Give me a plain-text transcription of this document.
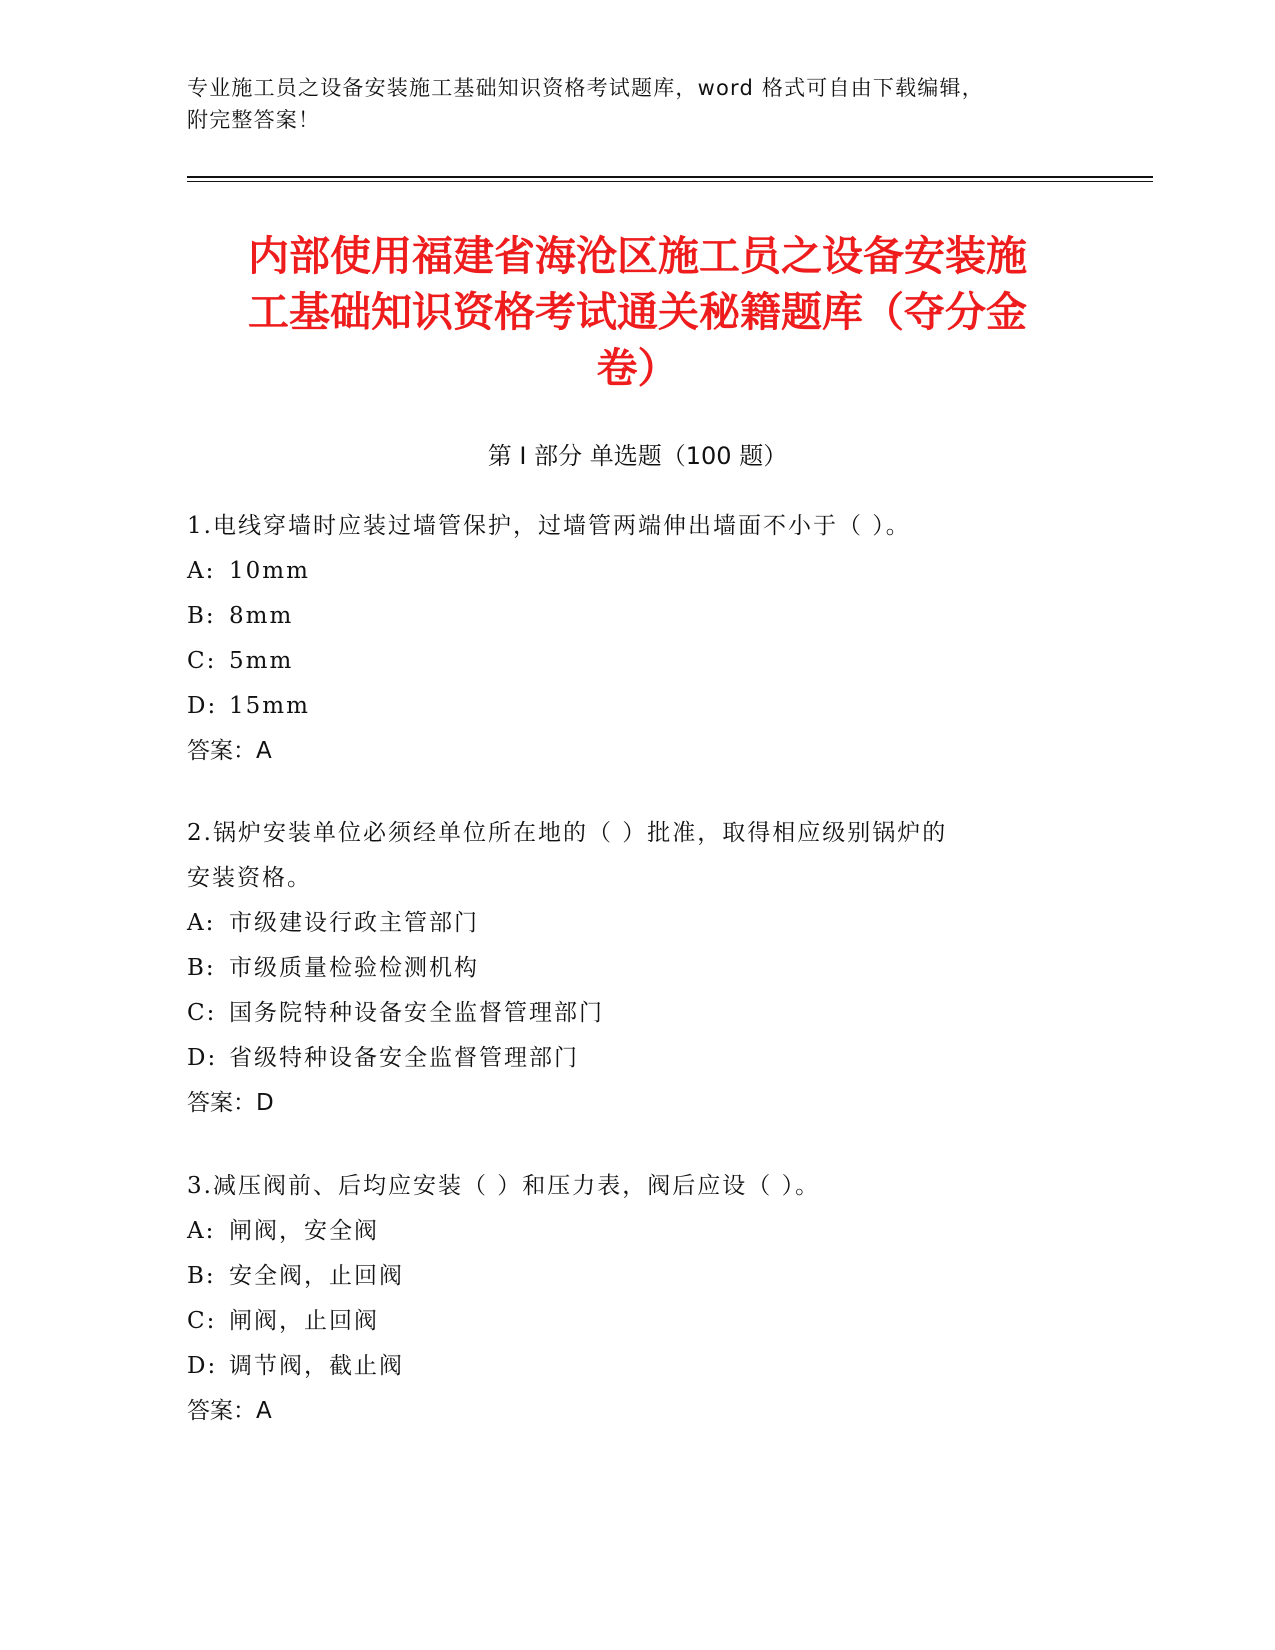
专业施工员之设备安装施工基础知识资格考试题库，word 格式可自由下载编辑，
附完整答案！
内部使用福建省海沧区施工员之设备安装施
工基础知识资格考试通关秘籍题库（夺分金
卷）
第 I 部分 单选题（100 题）
1.电线穿墙时应装过墙管保护，过墙管两端伸出墙面不小于（ ）。
A: 10mm
B: 8mm
C: 5mm
D: 15mm
答案：A
2.锅炉安装单位必须经单位所在地的（ ）批准，取得相应级别锅炉的
安装资格。
A: 市级建设行政主管部门
B: 市级质量检验检测机构
C: 国务院特种设备安全监督管理部门
D: 省级特种设备安全监督管理部门
答案：D
3.减压阀前、后均应安装（ ）和压力表，阀后应设（ ）。
A: 闸阀，安全阀
B: 安全阀，止回阀
C: 闸阀，止回阀
D: 调节阀，截止阀
答案：A
